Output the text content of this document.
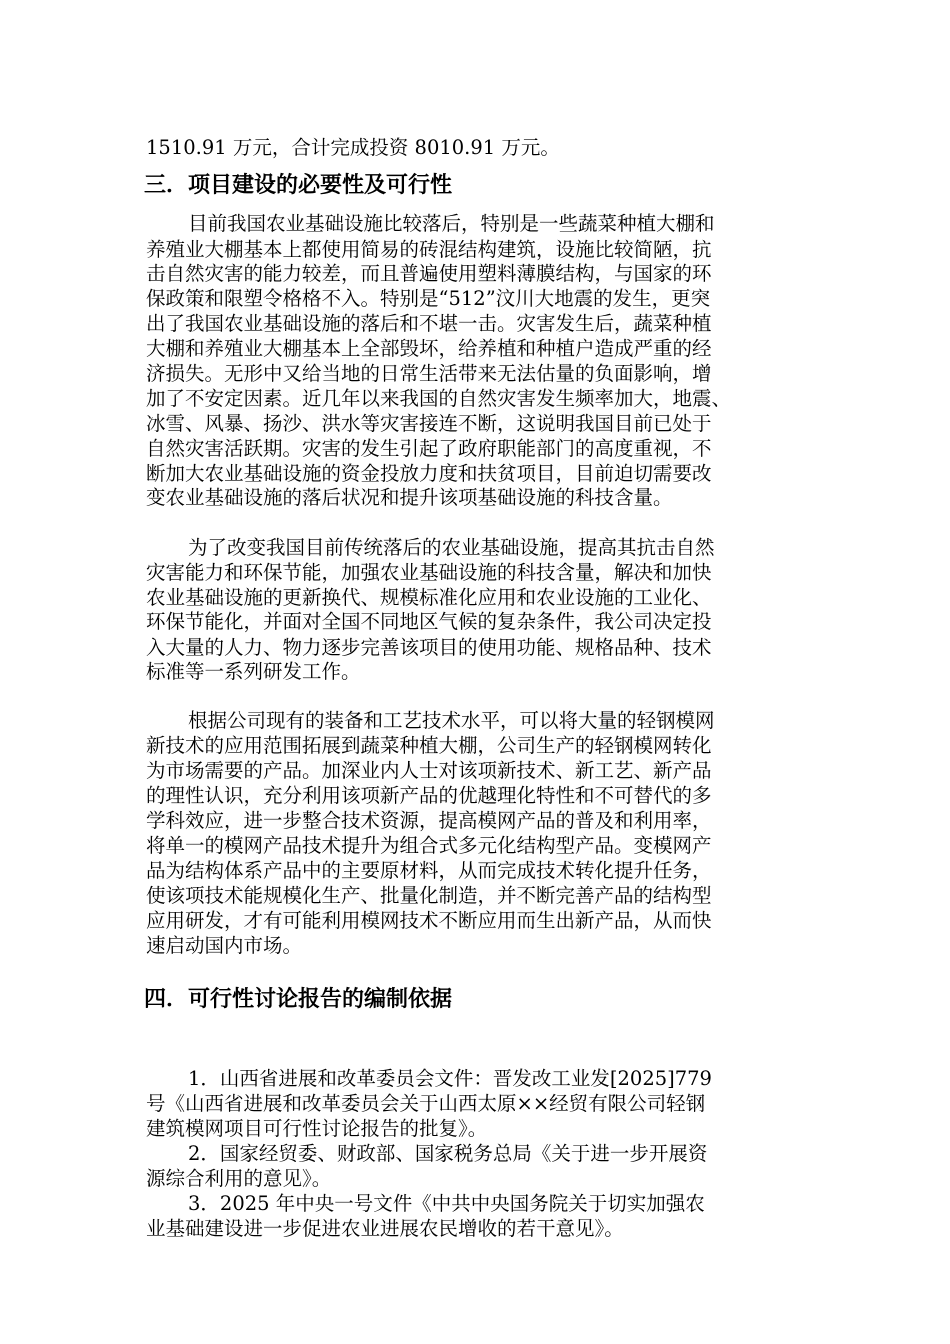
1510.91 万元，合计完成投资 8010.91 万元。
三．项目建设的必要性及可行性
目前我国农业基础设施比较落后，特别是一些蔬菜种植大棚和
养殖业大棚基本上都使用简易的砖混结构建筑，设施比较简陋，抗
击自然灾害的能力较差，而且普遍使用塑料薄膜结构，与国家的环
保政策和限塑令格格不入。特别是“512”汶川大地震的发生，更突
出了我国农业基础设施的落后和不堪一击。灾害发生后，蔬菜种植
大棚和养殖业大棚基本上全部毁坏，给养植和种植户造成严重的经
济损失。无形中又给当地的日常生活带来无法估量的负面影响，增
加了不安定因素。近几年以来我国的自然灾害发生频率加大，地震、
冰雪、风暴、扬沙、洪水等灾害接连不断，这说明我国目前已处于
自然灾害活跃期。灾害的发生引起了政府职能部门的高度重视，不
断加大农业基础设施的资金投放力度和扶贫项目，目前迫切需要改
变农业基础设施的落后状况和提升该项基础设施的科技含量。
为了改变我国目前传统落后的农业基础设施，提高其抗击自然
灾害能力和环保节能，加强农业基础设施的科技含量，解决和加快
农业基础设施的更新换代、规模标准化应用和农业设施的工业化、
环保节能化，并面对全国不同地区气候的复杂条件，我公司决定投
入大量的人力、物力逐步完善该项目的使用功能、规格品种、技术
标准等一系列研发工作。
根据公司现有的装备和工艺技术水平，可以将大量的轻钢模网
新技术的应用范围拓展到蔬菜种植大棚，公司生产的轻钢模网转化
为市场需要的产品。加深业内人士对该项新技术、新工艺、新产品
的理性认识，充分利用该项新产品的优越理化特性和不可替代的多
学科效应，进一步整合技术资源，提高模网产品的普及和利用率，
将单一的模网产品技术提升为组合式多元化结构型产品。变模网产
品为结构体系产品中的主要原材料，从而完成技术转化提升任务，
使该项技术能规模化生产、批量化制造，并不断完善产品的结构型
应用研发，才有可能利用模网技术不断应用而生出新产品，从而快
速启动国内市场。
四．可行性讨论报告的编制依据
1．山西省进展和改革委员会文件：晋发改工业发[2025]779
号《山西省进展和改革委员会关于山西太原××经贸有限公司轻钢
建筑模网项目可行性讨论报告的批复》。
2．国家经贸委、财政部、国家税务总局《关于进一步开展资
源综合利用的意见》。
3．2025 年中央一号文件《中共中央国务院关于切实加强农
业基础建设进一步促进农业进展农民增收的若干意见》。
